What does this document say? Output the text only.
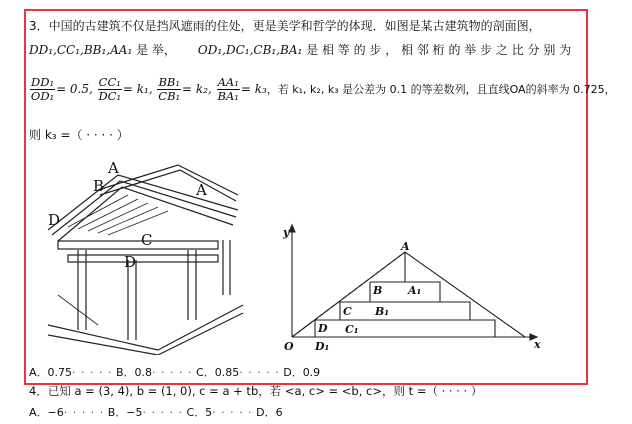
3．中国的古建筑不仅是挡风遮雨的住处，更是美学和哲学的体现．如图是某古建筑物的剖面图，
DD₁,CC₁,BB₁,AA₁ 是 举， OD₁,DC₁,CB₁,BA₁ 是 相 等 的 步 ， 相 邻 桁 的 举 步 之 比 分 别 为
$\frac{\text{DD₁}}{\text{OD₁}} = 0.5$, $\frac{\text{CC₁}}{\text{DC₁}} = k_1$, $\frac{\text{BB₁}}{\text{CB₁}} = k_2$, $\frac{\text{AA₁}}{\text{BA₁}} = k_3$，若 k₁, k₂, k₃ 是公差为 0.1 的等差数列，且直线OA的斜率为 0.725，
则 k₃ =（ · · · · ）
A
A
B
C
D
D
y
x
O
A
B
C
D
A₁
B₁
C₁
D₁
A．0.75· · · · · B．0.8· · · · · C．0.85· · · · · D．0.9
4．已知 a = (3, 4), b = (1, 0), c = a + tb，若 <a, c> = <b, c>，则 t =（ · · · · ）
A．−6· · · · · B．−5· · · · · C．5· · · · · D．6
